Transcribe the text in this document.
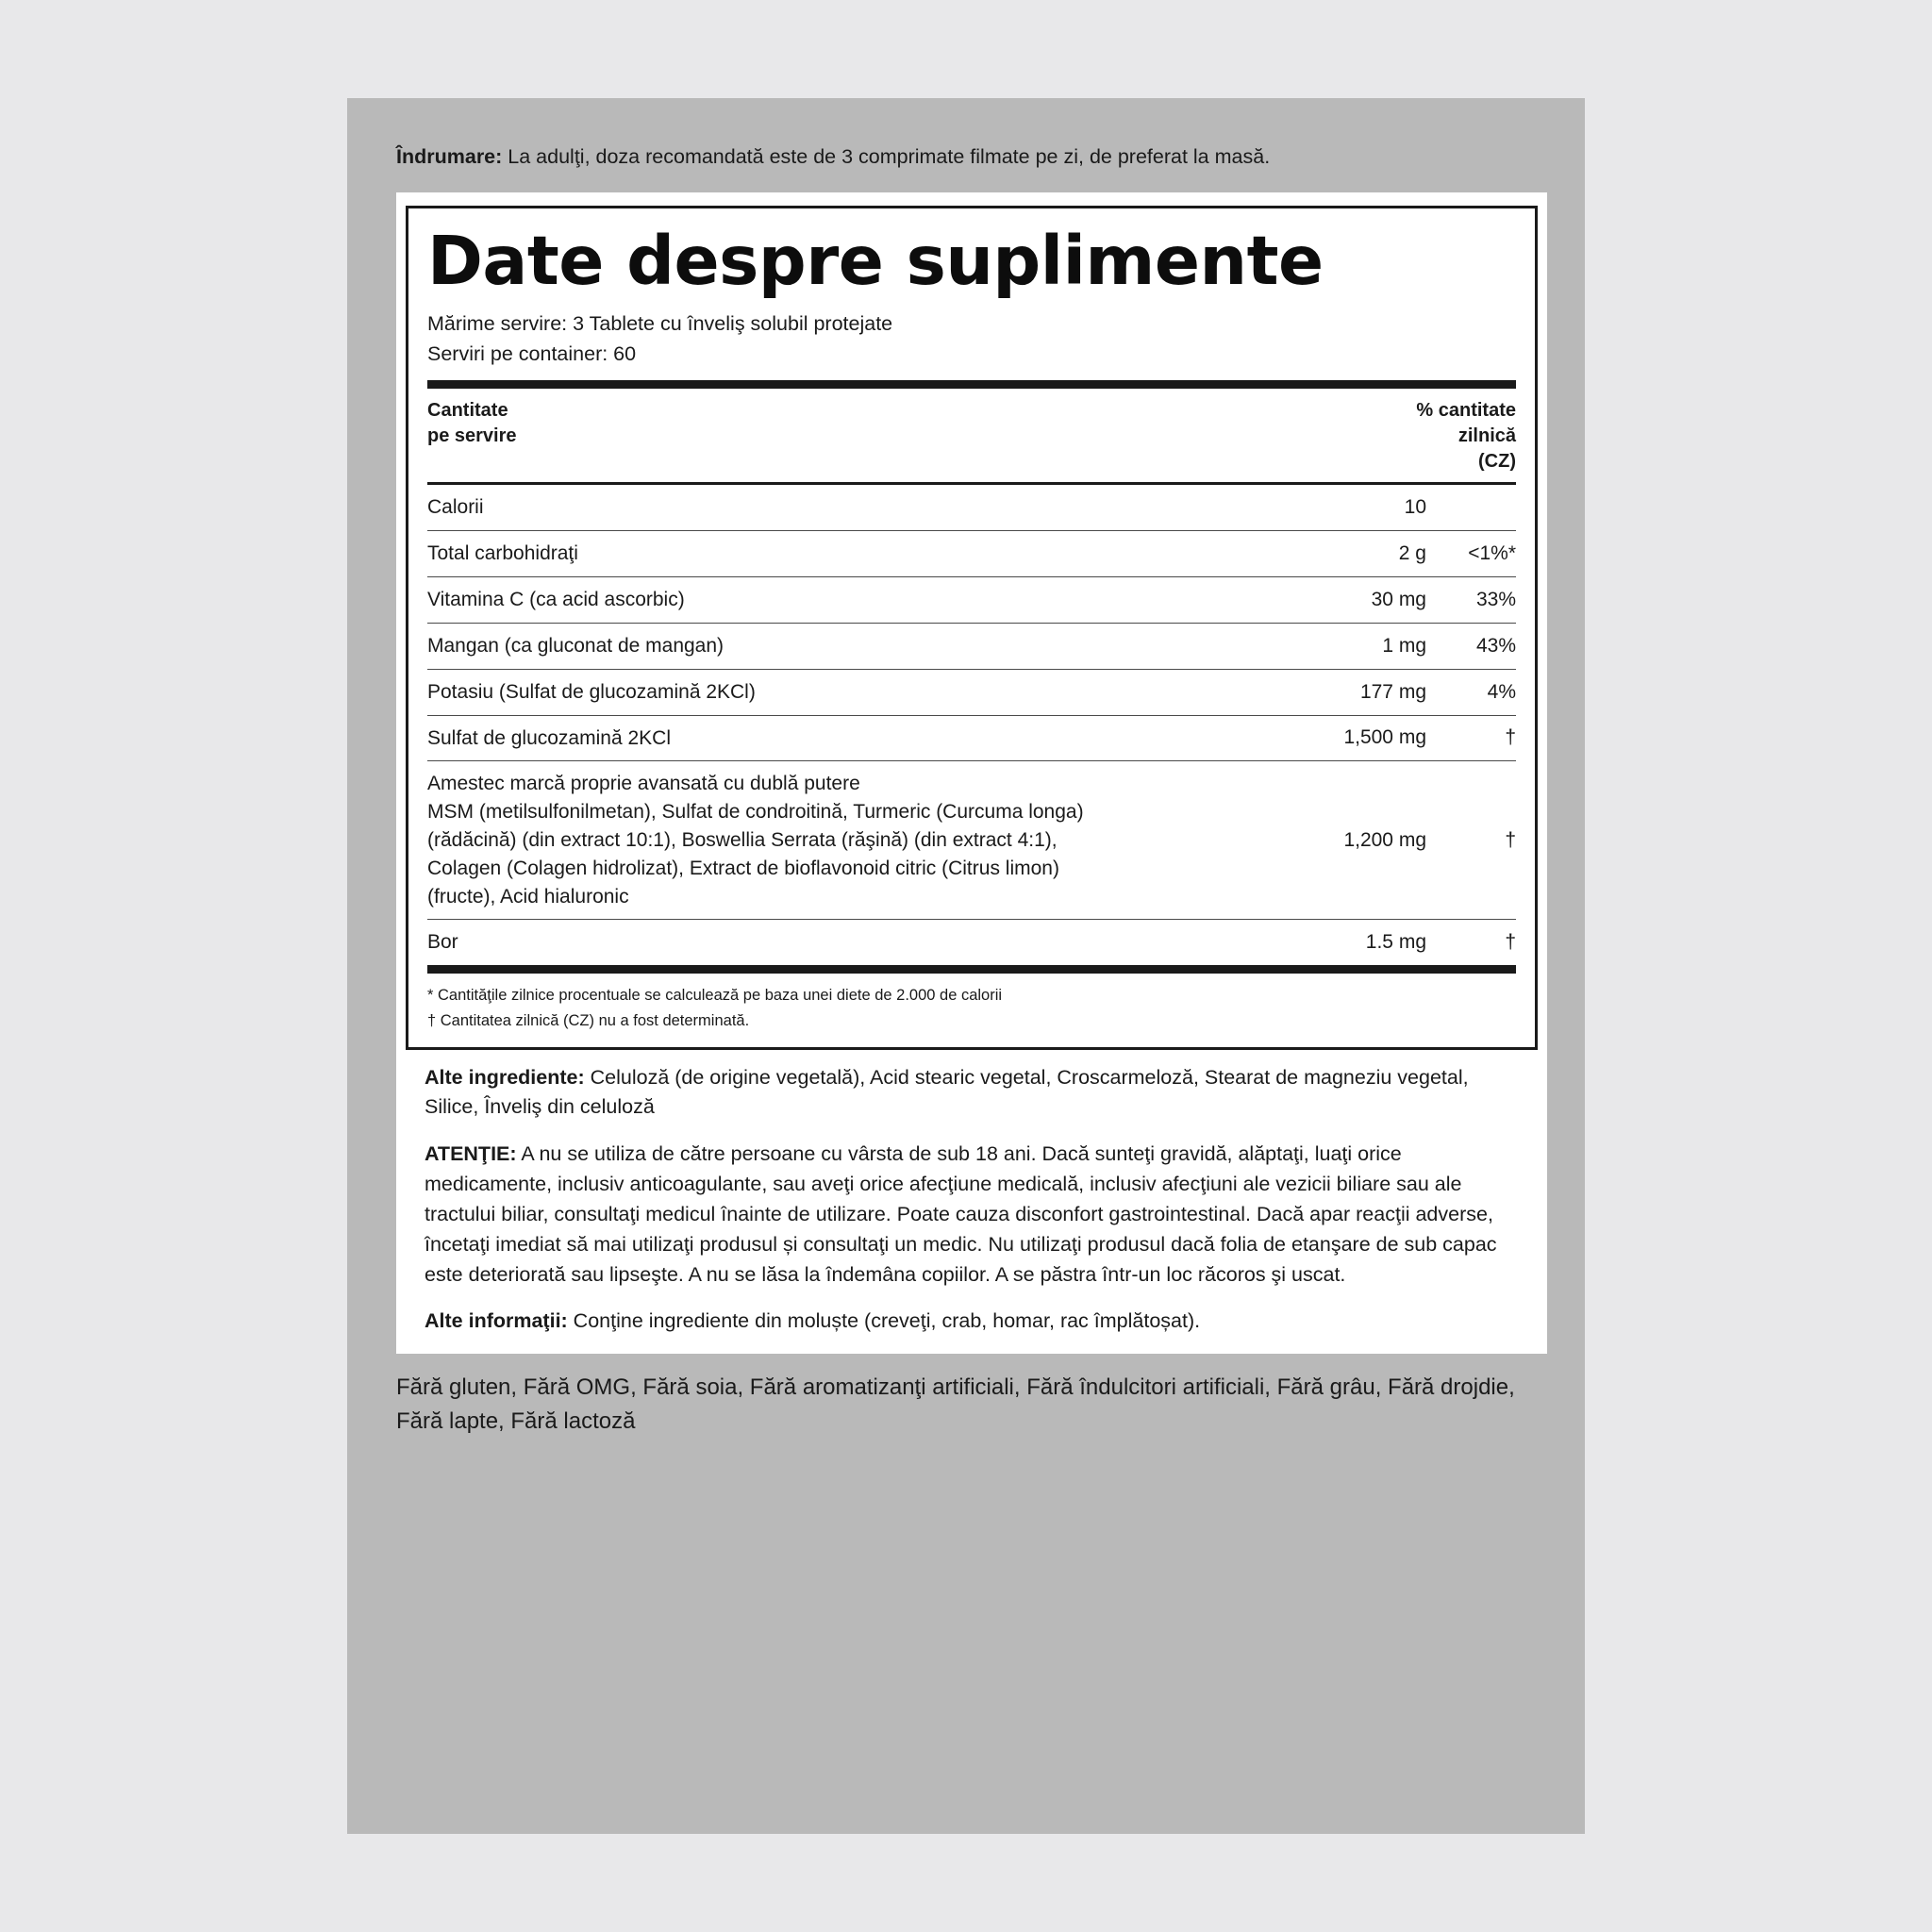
Îndrumare: La adulţi, doza recomandată este de 3 comprimate filmate pe zi, de preferat la masă.
Date despre suplimente
Mărime servire: 3 Tablete cu înveliş solubil protejate
Serviri pe container: 60
Cantitate
pe servire
% cantitate
zilnică
(CZ)
Calorii	10	
Total carbohidraţi	2 g	<1%*
Vitamina C (ca acid ascorbic)	30 mg	33%
Mangan (ca gluconat de mangan)	1 mg	43%
Potasiu (Sulfat de glucozamină 2KCl)	177 mg	4%
Sulfat de glucozamină 2KCl	1,500 mg	†

Amestec marcă proprie avansată cu dublă putere
MSM (metilsulfonilmetan), Sulfat de condroitină, Turmeric (Curcuma longa)
(rădăcină) (din extract 10:1), Boswellia Serrata (răşină) (din extract 4:1),
Colagen (Colagen hidrolizat), Extract de bioflavonoid citric (Citrus limon)
(fructe), Acid hialuronic	1,200 mg	†
Bor	1.5 mg	†
* Cantităţile zilnice procentuale se calculează pe baza unei diete de 2.000 de calorii
† Cantitatea zilnică (CZ) nu a fost determinată.

Alte ingrediente: Celuloză (de origine vegetală), Acid stearic vegetal, Croscarmeloză, Stearat de magneziu vegetal, Silice, Înveliş din celuloză

ATENŢIE: A nu se utiliza de către persoane cu vârsta de sub 18 ani. Dacă sunteţi gravidă, alăptaţi, luaţi orice medicamente, inclusiv anticoagulante, sau aveţi orice afecţiune medicală, inclusiv afecţiuni ale vezicii biliare sau ale tractului biliar, consultaţi medicul înainte de utilizare. Poate cauza disconfort gastrointestinal. Dacă apar reacţii adverse, încetaţi imediat să mai utilizaţi produsul și consultaţi un medic. Nu utilizaţi produsul dacă folia de etanşare de sub capac este deteriorată sau lipseşte. A nu se lăsa la îndemâna copiilor. A se păstra într-un loc răcoros şi uscat.

Alte informaţii: Conţine ingrediente din moluște (creveţi, crab, homar, rac împlătoșat).

Fără gluten, Fără OMG, Fără soia, Fără aromatizanţi artificiali, Fără îndulcitori artificiali, Fără grâu, Fără drojdie, Fără lapte, Fără lactoză
